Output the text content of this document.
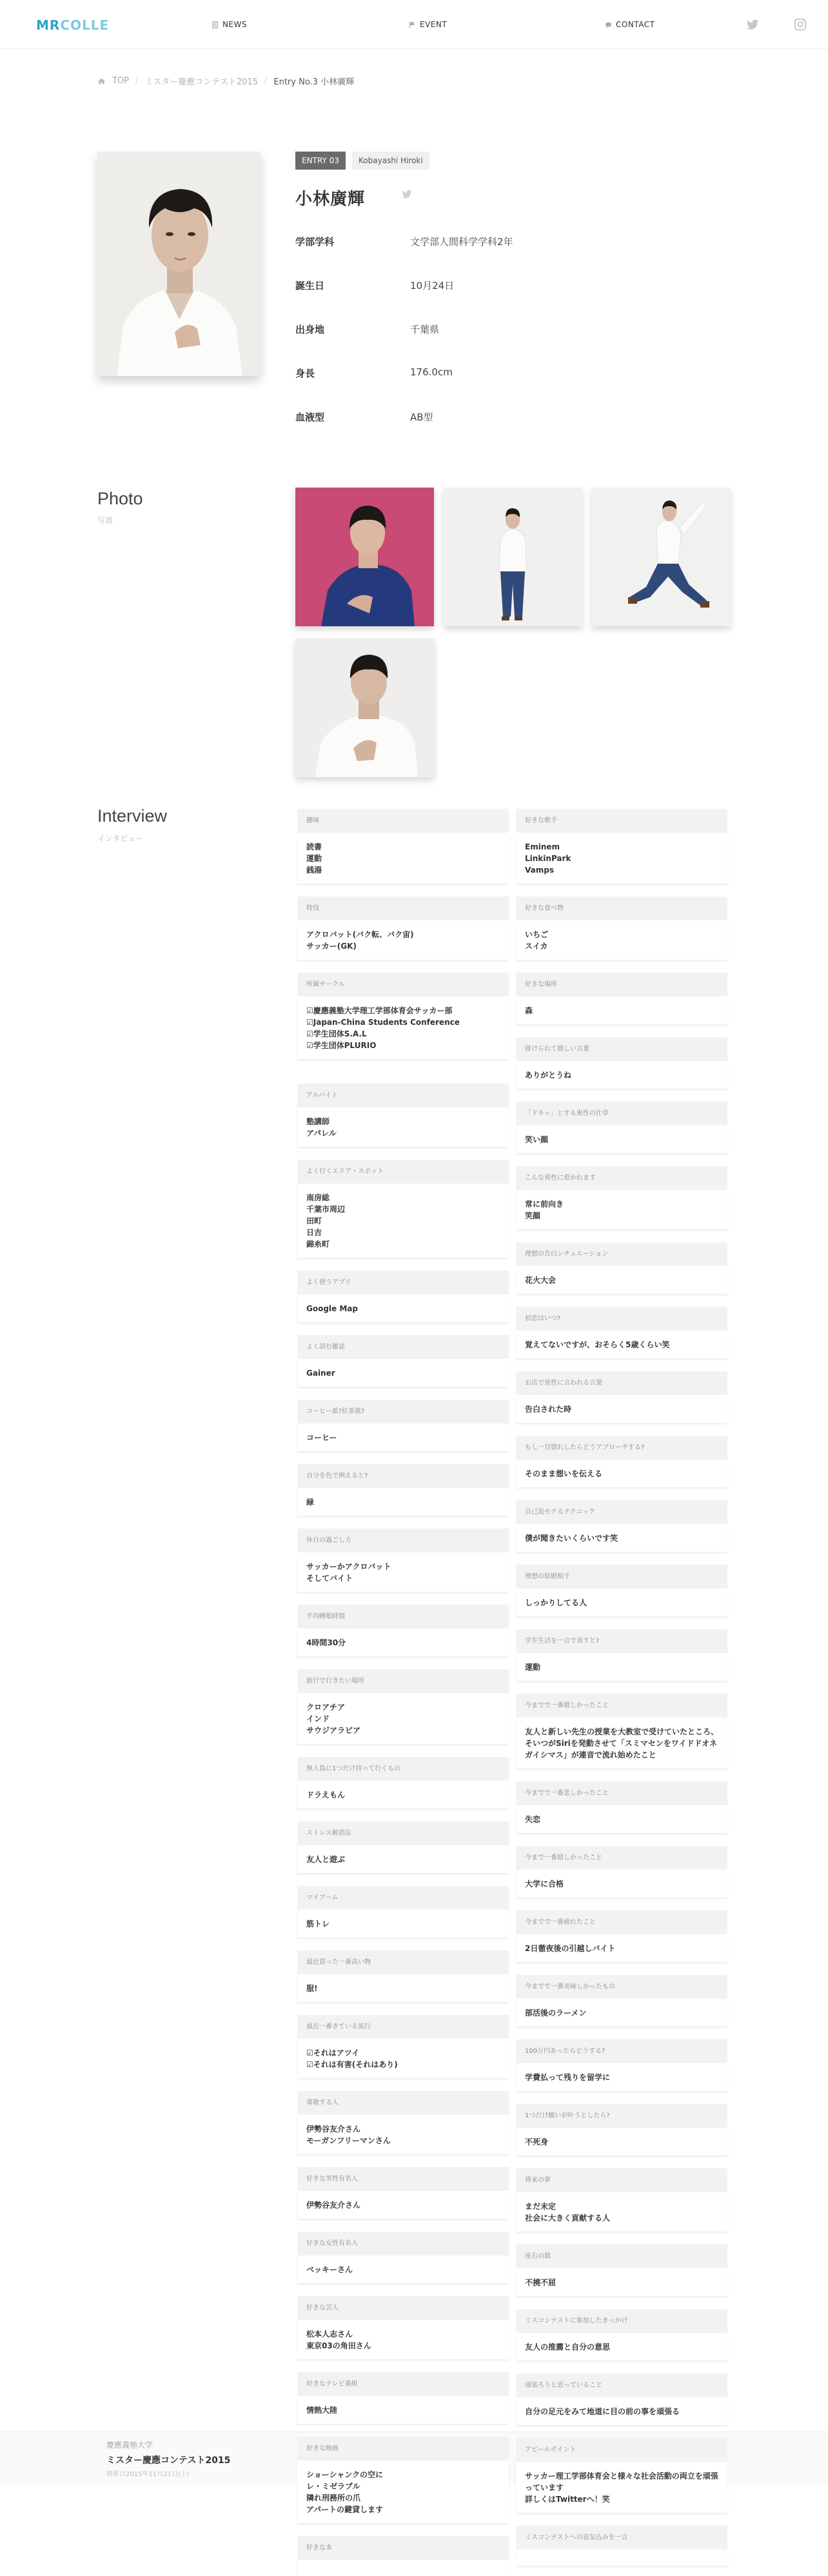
MR COLLE	NEWS	EVENT	CONTACT
TOP / ミスター慶應コンテスト2015 / Entry No.3 小林廣輝
ENTRY 03	Kobayashi Hiroki
小林廣輝
学部学科	文学部人間科学学科2年
誕生日	10月24日
出身地	千葉県
身長	176.0cm
血液型	AB型
Photo
写真
Interview
インタビュー
慶應義塾大学
ミスター慶應コンテスト2015
開催日2015年11月21日(土)
趣味
読書
運動
銭湯
特技
アクロバット(バク転、バク宙)
サッカー(GK)
所属サークル
☑慶應義塾大学理工学部体育会サッカー部
☑Japan-China Students Conference
☑学生団体S.A.L
☑学生団体PLURIO
アルバイト
塾講師
アパレル
よく行くエリア・スポット
南房総
千葉市周辺
田町
日吉
錦糸町
よく使うアプリ
Google Map
よく読む雑誌
Gainer
コーヒー派?紅茶派?
コーヒー
自分を色で例えると?
緑
休日の過ごし方
サッカーかアクロバット
そしてバイト
平均睡眠時間
4時間30分
旅行で行きたい場所
クロアチア
インド
サウジアラビア
無人島に1つだけ持って行くもの
ドラえもん
ストレス解消法
友人と遊ぶ
マイブーム
筋トレ
最近買った一番高い物
服!
最近一番きている流行
☑それはアツイ
☑それは有害(それはあり)
尊敬する人
伊勢谷友介さん
モーガンフリーマンさん
好きな男性有名人
伊勢谷友介さん
好きな女性有名人
ベッキーさん
好きな芸人
松本人志さん
東京03の角田さん
好きなテレビ番組
情熱大陸
好きな映画
ショーシャンクの空に
レ・ミゼラブル
隣れ刑務所の爪
アパートの鍵貸します
好きな本
好きな歌手
Eminem
LinkinPark
Vamps
好きな食べ物
いちご
スイカ
好きな場所
森
掛けられて嬉しい言葉
ありがとうね
「ドキッ」とする異性の仕草
笑い顔
こんな異性に惹かれます
常に前向き
笑顔
理想の告白シチュエーション
花火大会
初恋はいつ?
覚えてないですが、おそらく5歳くらい笑
お店で異性に言われる言葉
告白された時
もし一目惚れしたらどうアプローチする?
そのまま想いを伝える
自己流モテるテクニック
僕が聞きたいくらいです笑
理想の結婚相手
しっかりしてる人
学生生活を一言で表すと?
運動
今までで一番嬉しかったこと
友人と新しい先生の授業を大教室で受けていたところ、そいつがSiriを発動させて「スミマセンをワイドドオネガイシマス」が連音で流れ始めたこと
今までで一番悲しかったこと
失恋
今まで一番嬉しかったこと
大学に合格
今までで一番疲れたこと
2日徹夜後の引越しバイト
今までで一番美味しかったもの
部活後のラーメン
100万円あったらどうする?
学費払って残りを留学に
1つだけ願いが叶うとしたら?
不死身
将来の夢
まだ未定
社会に大きく貢献する人
座右の銘
不撓不屈
ミスコンテストに参加したきっかけ
友人の推薦と自分の意思
頑張ろうと思っていること
自分の足元をみて地道に目の前の事を頑張る
アピールポイント
サッカー理工学部体育会と様々な社会活動の両立を頑張っています
詳しくはTwitterへ！笑
ミスコンテストへの意気込みを一言
